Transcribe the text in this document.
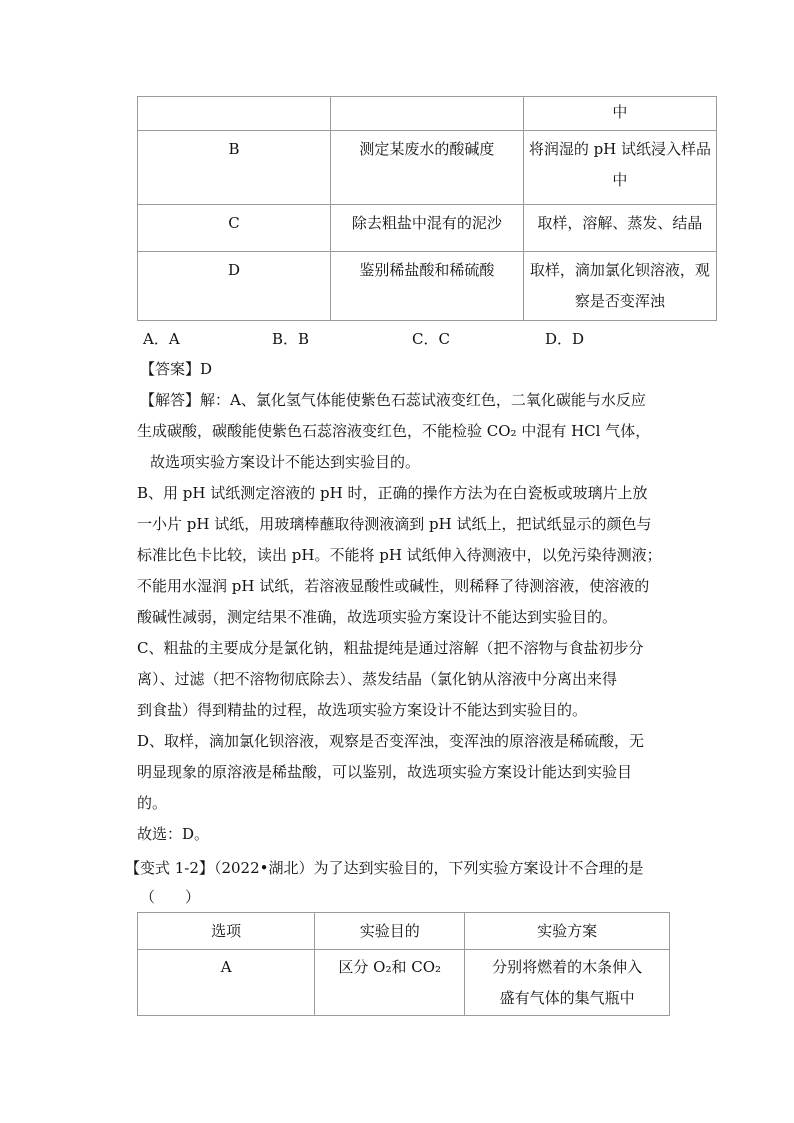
		中

B	测定某废水的酸碱度	将润湿的 pH 试纸浸入样品
中

C	除去粗盐中混有的泥沙	取样，溶解、蒸发、结晶

D	鉴别稀盐酸和稀硫酸	取样，滴加氯化钡溶液，观
察是否变浑浊
A．A	B．B	C．C	D．D
【答案】D
【解答】解：A、氯化氢气体能使紫色石蕊试液变红色，二氧化碳能与水反应
生成碳酸，碳酸能使紫色石蕊溶液变红色，不能检验 CO₂ 中混有 HCl 气体，
故选项实验方案设计不能达到实验目的。
B、用 pH 试纸测定溶液的 pH 时，正确的操作方法为在白瓷板或玻璃片上放
一小片 pH 试纸，用玻璃棒蘸取待测液滴到 pH 试纸上，把试纸显示的颜色与
标准比色卡比较，读出 pH。不能将 pH 试纸伸入待测液中，以免污染待测液；
不能用水湿润 pH 试纸，若溶液显酸性或碱性，则稀释了待测溶液，使溶液的
酸碱性减弱，测定结果不准确，故选项实验方案设计不能达到实验目的。
C、粗盐的主要成分是氯化钠，粗盐提纯是通过溶解（把不溶物与食盐初步分
离）、过滤（把不溶物彻底除去）、蒸发结晶（氯化钠从溶液中分离出来得
到食盐）得到精盐的过程，故选项实验方案设计不能达到实验目的。
D、取样，滴加氯化钡溶液，观察是否变浑浊，变浑浊的原溶液是稀硫酸，无
明显现象的原溶液是稀盐酸，可以鉴别，故选项实验方案设计能达到实验目
的。
故选：D。
【变式 1-2】（2022•湖北）为了达到实验目的，下列实验方案设计不合理的是
（　　）
选项	实验目的	实验方案

A	区分 O₂和 CO₂	分别将燃着的木条伸入
盛有气体的集气瓶中
